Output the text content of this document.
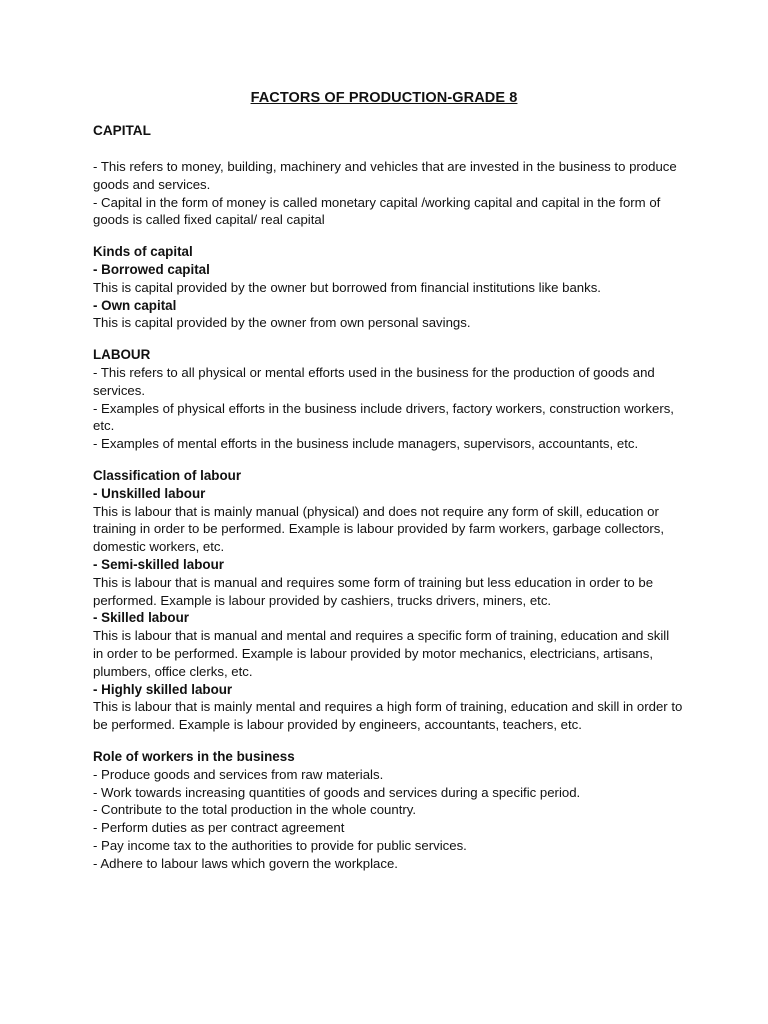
FACTORS OF PRODUCTION-GRADE 8
CAPITAL

- This refers to money, building, machinery and vehicles that are invested in the business to produce goods and services.

- Capital in the form of money is called monetary capital /working capital and capital in the form of goods is called fixed capital/ real capital

Kinds of capital
- Borrowed capital

This is capital provided by the owner but borrowed from financial institutions like banks.

- Own capital

This is capital provided by the owner from own personal savings.

LABOUR

- This refers to all physical or mental efforts used in the business for the production of goods and services.

- Examples of physical efforts in the business include drivers, factory workers, construction workers, etc.

- Examples of mental efforts in the business include managers, supervisors, accountants, etc.

Classification of labour
- Unskilled labour

This is labour that is mainly manual (physical) and does not require any form of skill, education or training in order to be performed. Example is labour provided by farm workers, garbage collectors, domestic workers, etc.

- Semi-skilled labour

This is labour that is manual and requires some form of training but less education in order to be performed. Example is labour provided by cashiers, trucks drivers, miners, etc.

- Skilled labour

This is labour that is manual and mental and requires a specific form of training, education and skill in order to be performed. Example is labour provided by motor mechanics, electricians, artisans, plumbers, office clerks, etc.

- Highly skilled labour

This is labour that is mainly mental and requires a high form of training, education and skill in order to be performed. Example is labour provided by engineers, accountants, teachers, etc.

Role of workers in the business

- Produce goods and services from raw materials.

- Work towards increasing quantities of goods and services during a specific period.

- Contribute to the total production in the whole country.

- Perform duties as per contract agreement

- Pay income tax to the authorities to provide for public services.

- Adhere to labour laws which govern the workplace.
